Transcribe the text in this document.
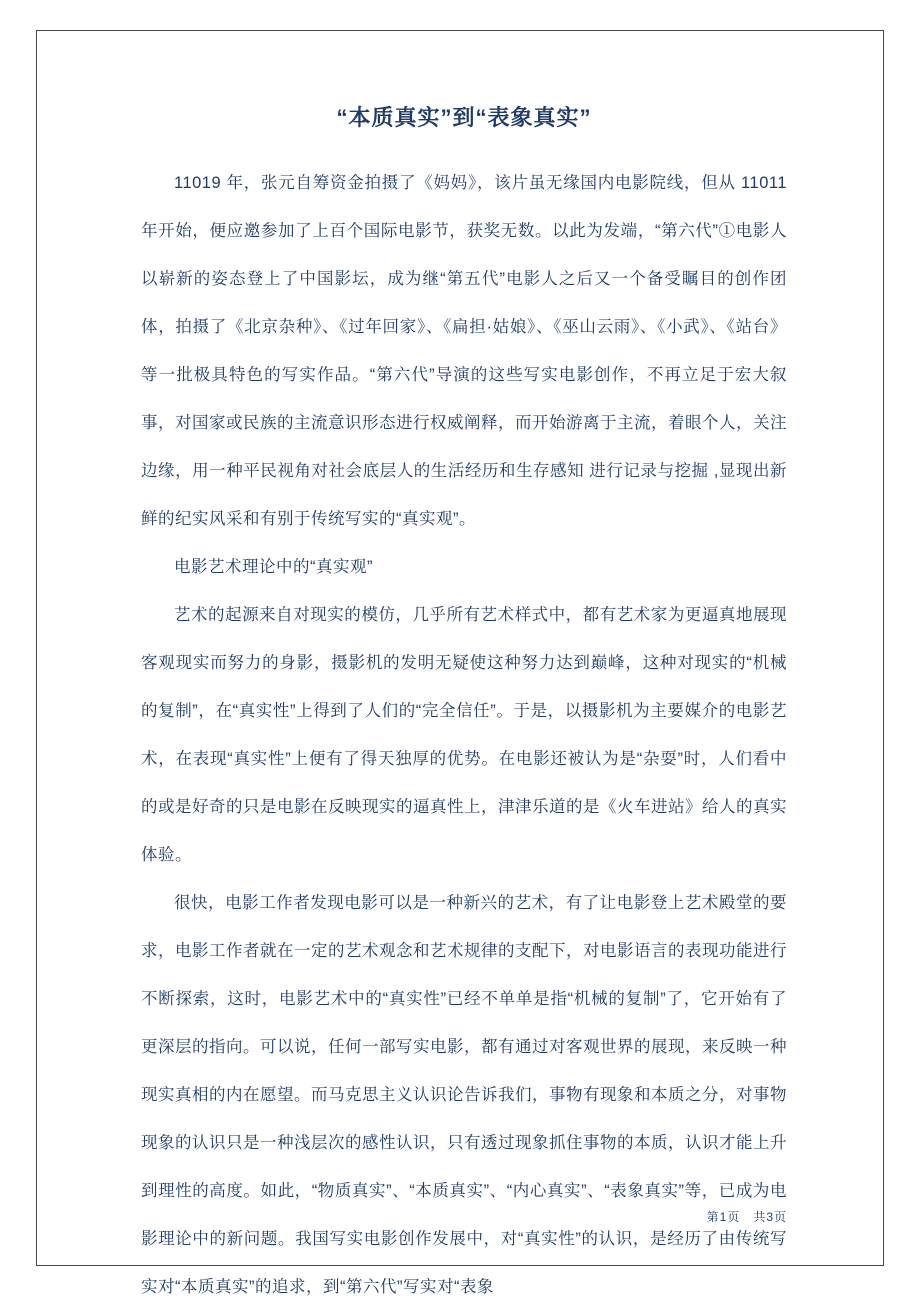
“本质真实”到“表象真实”

11019 年，张元自筹资金拍摄了《妈妈》，该片虽无缘国内电影院线，但从 11011 年开始，便应邀参加了上百个国际电影节，获奖无数。以此为发端，“第六代”①电影人以崭新的姿态登上了中国影坛，成为继“第五代”电影人之后又一个备受瞩目的创作团体，拍摄了《北京杂种》、《过年回家》、《扁担·姑娘》、《巫山云雨》、《小武》、《站台》等一批极具特色的写实作品。“第六代”导演的这些写实电影创作，不再立足于宏大叙事，对国家或民族的主流意识形态进行权威阐释，而开始游离于主流，着眼个人，关注边缘，用一种平民视角对社会底层人的生活经历和生存感知 进行记录与挖掘 ,显现出新鲜的纪实风采和有别于传统写实的“真实观”。

电影艺术理论中的“真实观”

艺术的起源来自对现实的模仿，几乎所有艺术样式中，都有艺术家为更逼真地展现客观现实而努力的身影，摄影机的发明无疑使这种努力达到巅峰，这种对现实的“机械的复制”，在“真实性”上得到了人们的“完全信任”。于是，以摄影机为主要媒介的电影艺术，在表现“真实性”上便有了得天独厚的优势。在电影还被认为是“杂耍”时，人们看中的或是好奇的只是电影在反映现实的逼真性上，津津乐道的是《火车进站》给人的真实体验。

很快，电影工作者发现电影可以是一种新兴的艺术，有了让电影登上艺术殿堂的要求，电影工作者就在一定的艺术观念和艺术规律的支配下，对电影语言的表现功能进行不断探索，这时，电影艺术中的“真实性”已经不单单是指“机械的复制”了，它开始有了更深层的指向。可以说，任何一部写实电影，都有通过对客观世界的展现，来反映一种现实真相的内在愿望。而马克思主义认识论告诉我们，事物有现象和本质之分，对事物现象的认识只是一种浅层次的感性认识，只有透过现象抓住事物的本质，认识才能上升到理性的高度。如此，“物质真实”、“本质真实”、“内心真实”、“表象真实”等，已成为电影理论中的新问题。我国写实电影创作发展中，对“真实性”的认识，是经历了由传统写实对“本质真实”的追求，到“第六代”写实对“表象

第1页　共3页
